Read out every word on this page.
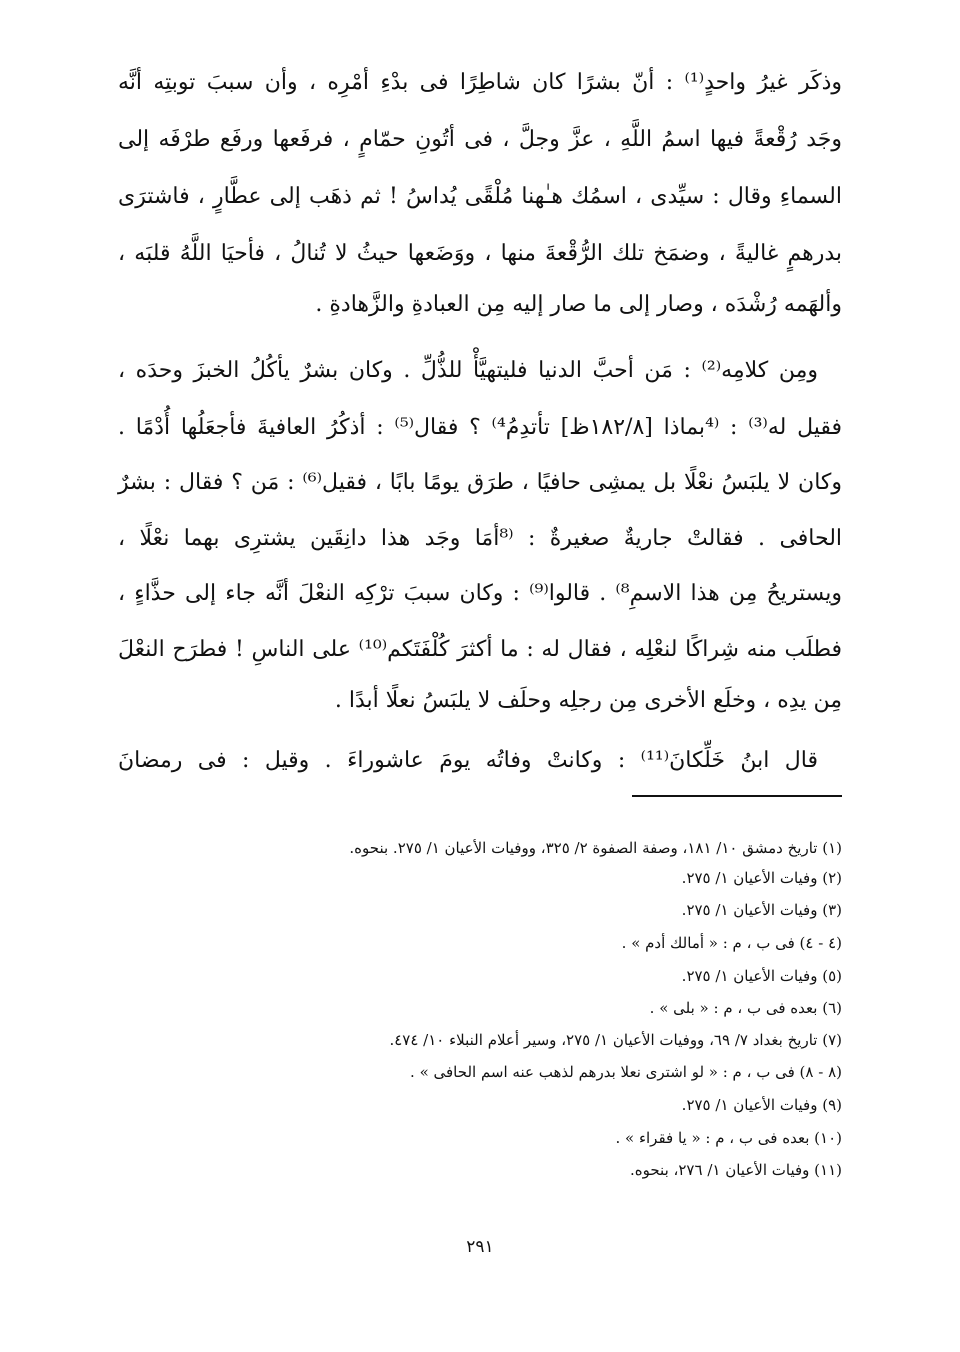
وذكَر غيرُ واحدٍ⁽¹⁾ : أنّ بشرًا كان شاطِرًا فى بدْءِ أمْرِه ، وأن سببَ توبتِه أنَّه
وجَد رُقْعةً فيها اسمُ اللَّهِ ، عزَّ وجلَّ ، فى أتُونِ حمّامٍ ، فرفَعها ورفَع طرْفَه إلى
السماءِ وقال : سيِّدى ، اسمُك هـٰهنا مُلْقًى يُداسُ ! ثم ذهَب إلى عطَّارٍ ، فاشترَى
بدرهمٍ غاليةً ، وضمَخ تلك الرُّقْعةَ منها ، ووَضَعها حيثُ لا تُنالُ ، فأحيَا اللَّهُ قلبَه ،
وألهَمه رُشْدَه ، وصار إلى ما صار إليه مِن العبادةِ والزَّهادةِ .
ومِن كلامِه⁽²⁾ : مَن أحبَّ الدنيا فليتهيَّأْ للذُّلِّ . وكان بشرٌ يأكُلُ الخبزَ وحدَه ،
فقيل له⁽³⁾ : ⁽⁴بماذا [١٨٢/٨ظ] تأتدِمُ⁴⁾ ؟ فقال⁽⁵⁾ : أذكُرُ العافيةَ فأجعَلُها أُدْمًا .
وكان لا يلبَسُ نعْلًا بل يمشِى حافيًا ، طرَق يومًا بابًا ، فقيل⁽⁶⁾ : مَن ؟ فقال : بشرٌ
الحافى . فقالتْ جاريةٌ صغيرةٌ : ⁽⁸أمَا وجَد هذا دانِقَين يشترِى بهما نعْلًا ،
ويستريحُ مِن هذا الاسمِ⁸⁾ . قالوا⁽⁹⁾ : وكان سببَ ترْكِه النعْلَ أنَّه جاء إلى حذَّاءٍ ،
فطلَب منه شِراكًا لنعْلِه ، فقال له : ما أكثرَ كُلْفَتَكم⁽¹⁰⁾ على الناسِ ! فطرَح النعْلَ
مِن يدِه ، وخلَع الأخرى مِن رجلِه وحلَف لا يلبَسُ نعلًا أبدًا .
قال ابنُ خَلِّكانَ⁽¹¹⁾ : وكانتْ وفاتُه يومَ عاشوراءَ . وقيل : فى رمضانَ
(١) تاريخ دمشق ١٠/ ١٨١، وصفة الصفوة ٢/ ٣٢٥، ووفيات الأعيان ١/ ٢٧٥. بنحوه.
(٢) وفيات الأعيان ١/ ٢٧٥.
(٣) وفيات الأعيان ١/ ٢٧٥.
(٤ - ٤) فى ب ، م : « أمالك أدم » .
(٥) وفيات الأعيان ١/ ٢٧٥.
(٦) بعده فى ب ، م : « بلى » .
(٧) تاريخ بغداد ٧/ ٦٩، ووفيات الأعيان ١/ ٢٧٥، وسير أعلام النبلاء ١٠/ ٤٧٤.
(٨ - ٨) فى ب ، م : « لو اشترى نعلا بدرهم لذهب عنه اسم الحافى » .
(٩) وفيات الأعيان ١/ ٢٧٥.
(١٠) بعده فى ب ، م : « يا فقراء » .
(١١) وفيات الأعيان ١/ ٢٧٦، بنحوه.
٢٩١
